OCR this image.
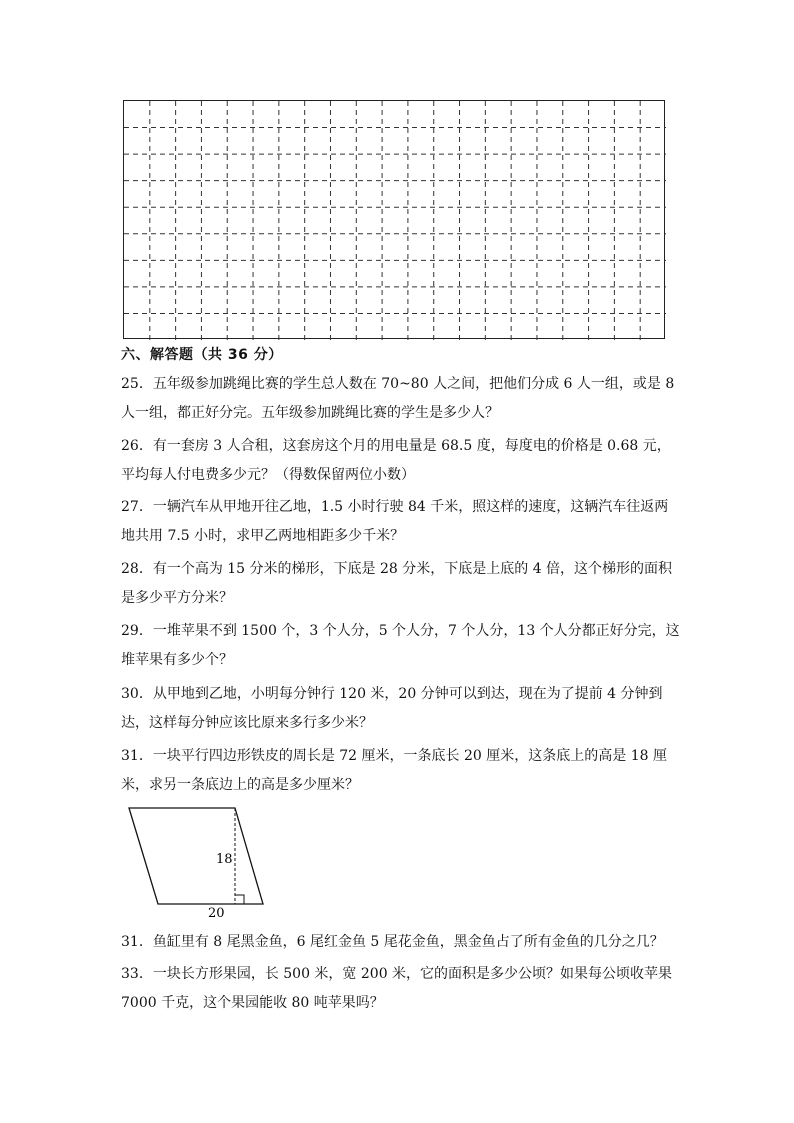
六、解答题（共 36 分）

25．五年级参加跳绳比赛的学生总人数在 70~80 人之间，把他们分成 6 人一组，或是 8 人一组，都正好分完。五年级参加跳绳比赛的学生是多少人？

26．有一套房 3 人合租，这套房这个月的用电量是 68.5 度，每度电的价格是 0.68 元，平均每人付电费多少元？（得数保留两位小数）

27．一辆汽车从甲地开往乙地，1.5 小时行驶 84 千米，照这样的速度，这辆汽车往返两地共用 7.5 小时，求甲乙两地相距多少千米？

28．有一个高为 15 分米的梯形，下底是 28 分米，下底是上底的 4 倍，这个梯形的面积是多少平方分米？

29．一堆苹果不到 1500 个，3 个人分，5 个人分，7 个人分，13 个人分都正好分完，这堆苹果有多少个？

30．从甲地到乙地，小明每分钟行 120 米，20 分钟可以到达，现在为了提前 4 分钟到达，这样每分钟应该比原来多行多少米？

31．一块平行四边形铁皮的周长是 72 厘米，一条底长 20 厘米，这条底上的高是 18 厘米，求另一条底边上的高是多少厘米？

18
20

31．鱼缸里有 8 尾黑金鱼，6 尾红金鱼 5 尾花金鱼，黑金鱼占了所有金鱼的几分之几？

33．一块长方形果园，长 500 米，宽 200 米，它的面积是多少公顷？如果每公顷收苹果 7000 千克，这个果园能收 80 吨苹果吗？
